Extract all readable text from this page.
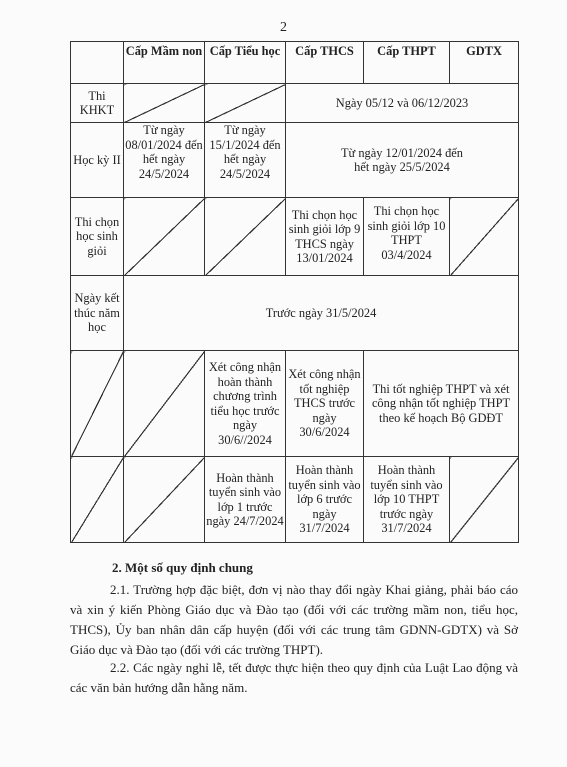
2
	Cấp Mầm non	Cấp Tiểu học	Cấp THCS	Cấp THPT	GDTX
Thi KHKT			Ngày 05/12 và 06/12/2023		
Học kỳ II	Từ ngày 08/01/2024 đến hết ngày 24/5/2024	Từ ngày 15/1/2024 đến hết ngày 24/5/2024	Từ ngày 12/01/2024 đến hết ngày 25/5/2024		
Thi chọn học sinh giỏi			Thi chọn học sinh giỏi lớp 9 THCS ngày 13/01/2024	Thi chọn học sinh giỏi lớp 10 THPT 03/4/2024	
Ngày kết thúc năm học	Trước ngày 31/5/2024				
		Xét công nhận hoàn thành chương trình tiểu học trước ngày 30/6//2024	Xét công nhận tốt nghiệp THCS trước ngày 30/6/2024	Thi tốt nghiệp THPT và xét công nhận tốt nghiệp THPT theo kế hoạch Bộ GDĐT	
		Hoàn thành tuyển sinh vào lớp 1 trước ngày 24/7/2024	Hoàn thành tuyển sinh vào lớp 6 trước ngày 31/7/2024	Hoàn thành tuyển sinh vào lớp 10 THPT trước ngày 31/7/2024	
2. Một số quy định chung
2.1. Trường hợp đặc biệt, đơn vị nào thay đổi ngày Khai giảng, phải báo cáo và xin ý kiến Phòng Giáo dục và Đào tạo (đối với các trường mầm non, tiểu học, THCS), Ủy ban nhân dân cấp huyện (đối với các trung tâm GDNN-GDTX) và Sở Giáo dục và Đào tạo (đối với các trường THPT).
2.2. Các ngày nghỉ lễ, tết được thực hiện theo quy định của Luật Lao động và các văn bản hướng dẫn hằng năm.
